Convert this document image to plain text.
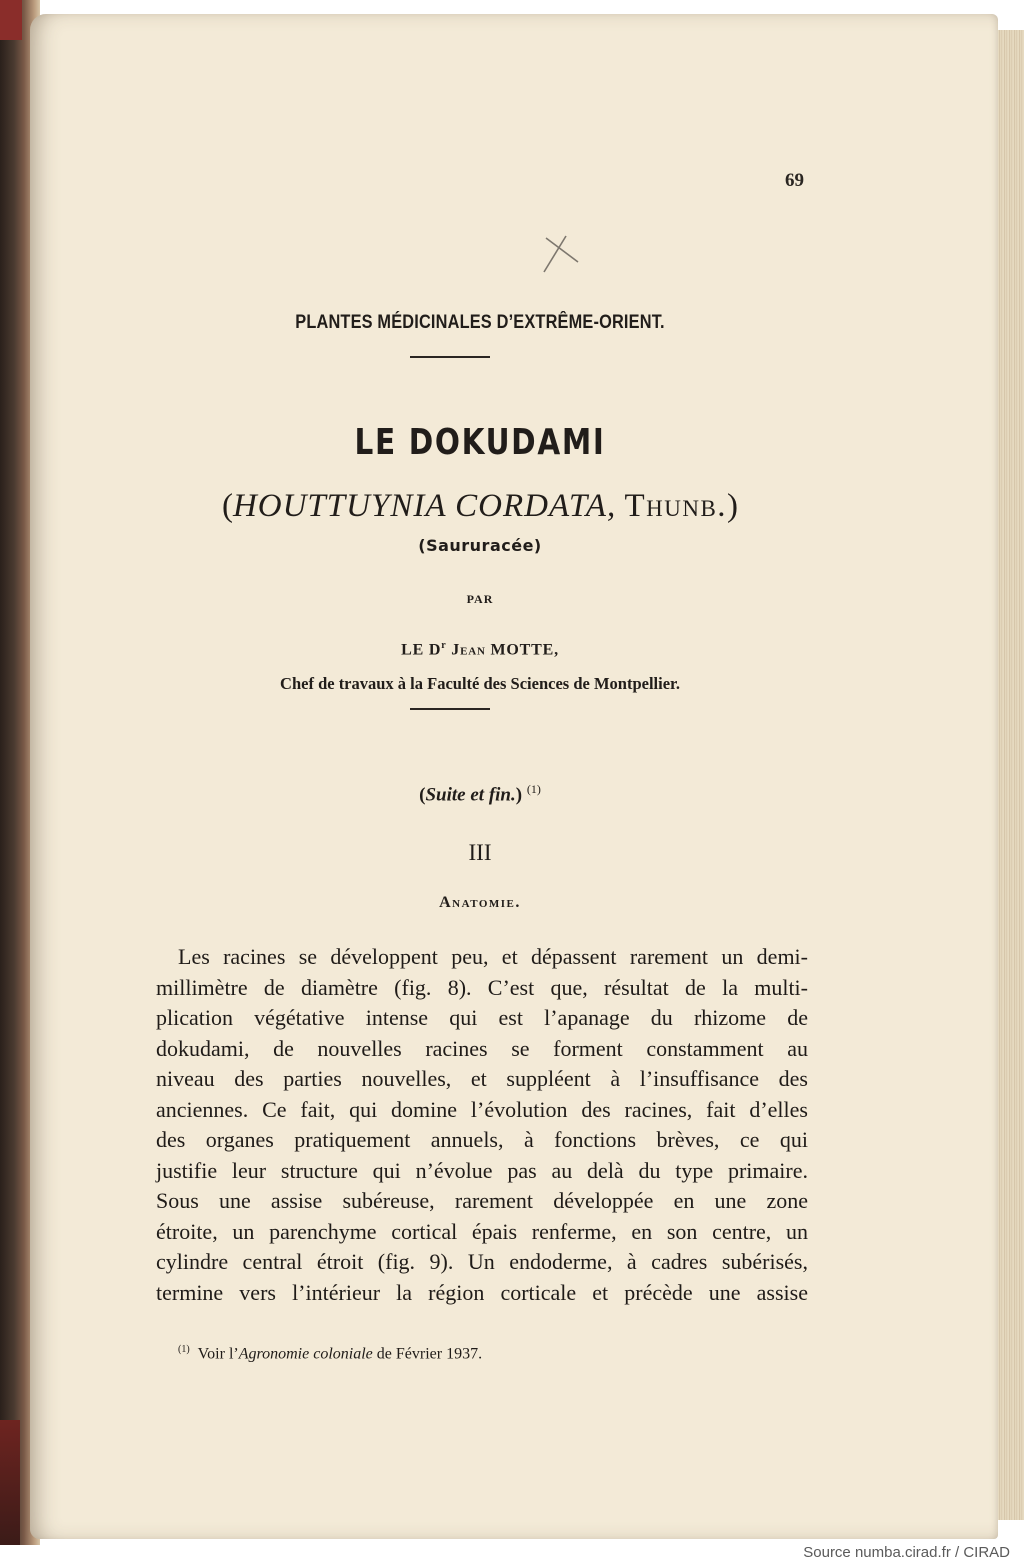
69
PLANTES MÉDICINALES D’EXTRÊME-ORIENT.
LE DOKUDAMI
(HOUTTUYNIA CORDATA, Thunb.)
(Saururacée)
PAR
LE $D^r$ Jean MOTTE,
Chef de travaux à la Faculté des Sciences de Montpellier.
(Suite et fin.) $^{(1)}$
III
Anatomie.
Les racines se développent peu, et dépassent rarement un demi-
millimètre de diamètre (fig. 8). C’est que, résultat de la multi-
plication végétative intense qui est l’apanage du rhizome de
dokudami, de nouvelles racines se forment constamment au
niveau des parties nouvelles, et suppléent à l’insuffisance des
anciennes. Ce fait, qui domine l’évolution des racines, fait d’elles
des organes pratiquement annuels, à fonctions brèves, ce qui
justifie leur structure qui n’évolue pas au delà du type primaire.
Sous une assise subéreuse, rarement développée en une zone
étroite, un parenchyme cortical épais renferme, en son centre, un
cylindre central étroit (fig. 9). Un endoderme, à cadres subérisés,
termine vers l’intérieur la région corticale et précède une assise
$^{(1)}$ Voir l’Agronomie coloniale de Février 1937.
Source numba.cirad.fr / CIRAD
